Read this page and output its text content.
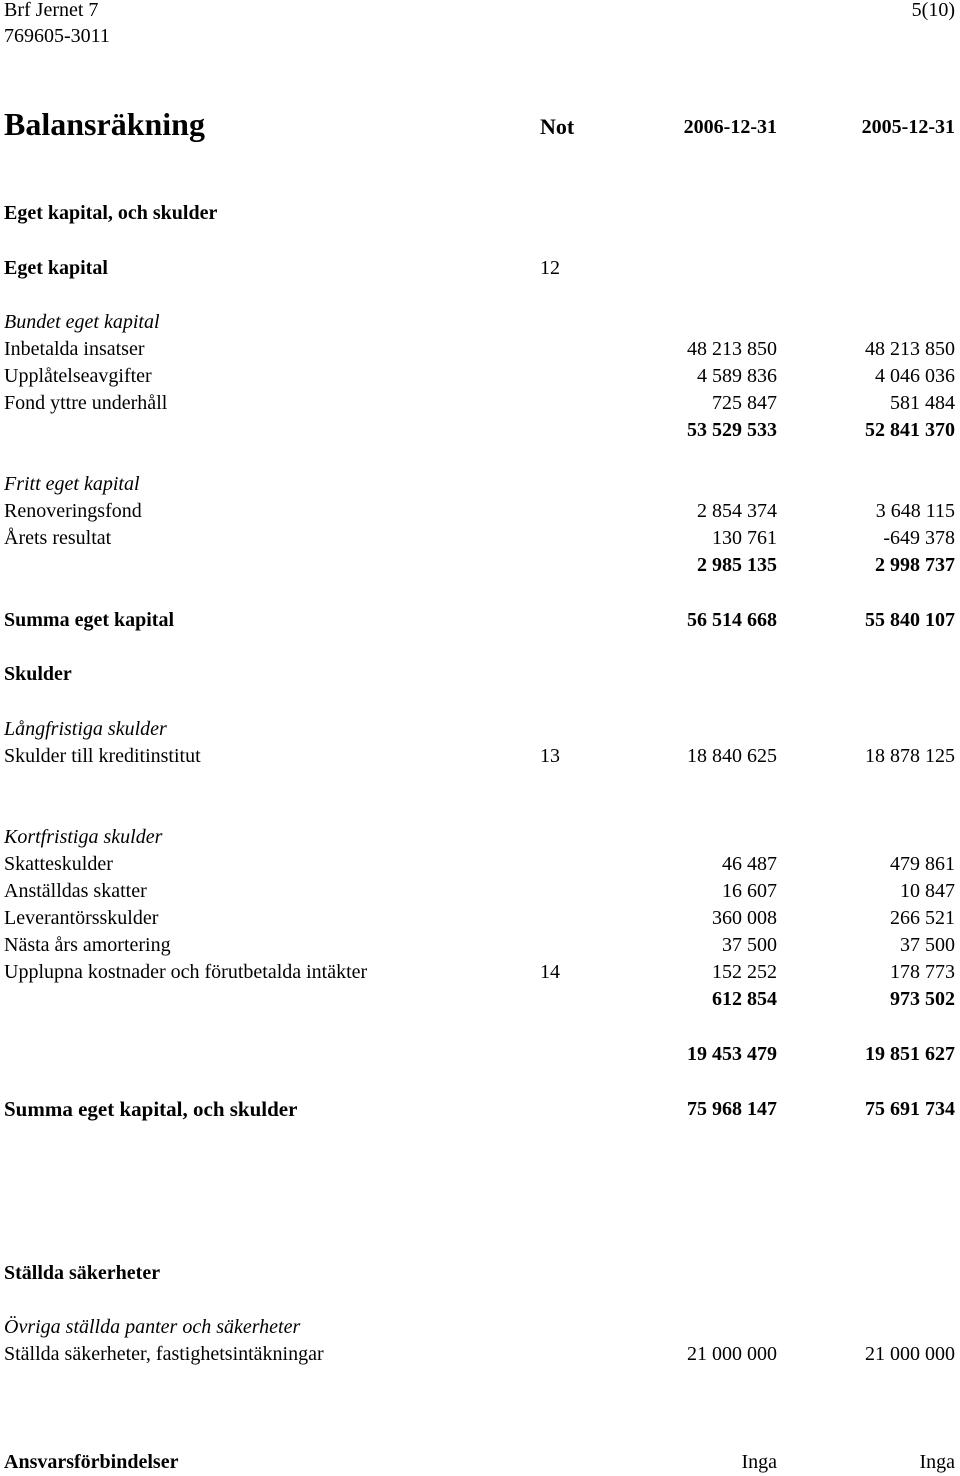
Brf Jernet 7
769605-3011
5(10)
Balansräkning	Not	2006-12-31	2005-12-31
Eget kapital, och skulder
Eget kapital	12
Bundet eget kapital
Inbetalda insatser	48 213 850	48 213 850
Upplåtelseavgifter	4 589 836	4 046 036
Fond yttre underhåll	725 847	581 484
53 529 533	52 841 370
Fritt eget kapital
Renoveringsfond	2 854 374	3 648 115
Årets resultat	130 761	-649 378
2 985 135	2 998 737
Summa eget kapital	56 514 668	55 840 107
Skulder
Långfristiga skulder
Skulder till kreditinstitut	13	18 840 625	18 878 125
Kortfristiga skulder
Skatteskulder	46 487	479 861
Anställdas skatter	16 607	10 847
Leverantörsskulder	360 008	266 521
Nästa års amortering	37 500	37 500
Upplupna kostnader och förutbetalda intäkter	14	152 252	178 773
612 854	973 502
19 453 479	19 851 627
Summa eget kapital, och skulder	75 968 147	75 691 734
Ställda säkerheter
Övriga ställda panter och säkerheter
Ställda säkerheter, fastighetsintäkningar	21 000 000	21 000 000
Ansvarsförbindelser	Inga	Inga
